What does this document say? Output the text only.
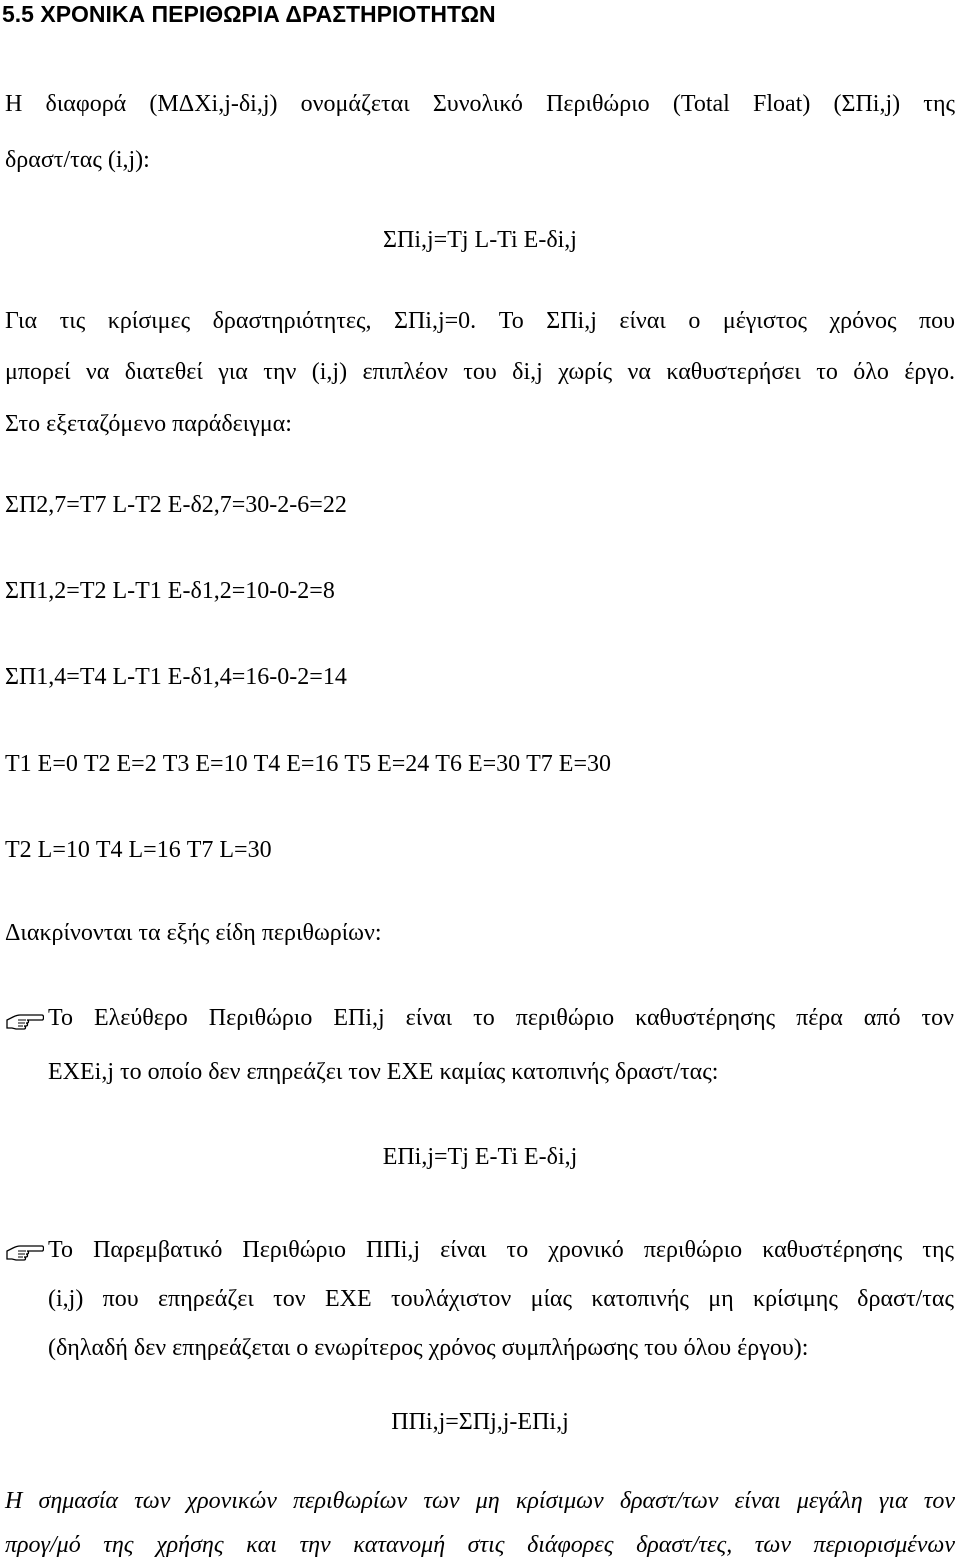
5.5 ΧΡΟΝΙΚΑ ΠΕΡΙΘΩΡΙΑ ΔΡΑΣΤΗΡΙΟΤΗΤΩΝ
Η διαφορά (ΜΔΧi,j-δi,j) ονομάζεται Συνολικό Περιθώριο (Total Float) (ΣΠi,j) της
δραστ/τας (i,j):
ΣΠi,j=Tj L-Ti E-δi,j
Για τις κρίσιμες δραστηριότητες, ΣΠi,j=0. Το ΣΠi,j είναι ο μέγιστος χρόνος που
μπορεί να διατεθεί για την (i,j) επιπλέον του δi,j χωρίς να καθυστερήσει το όλο έργο.
Στο εξεταζόμενο παράδειγμα:
ΣΠ2,7=Τ7 L-Τ2 E-δ2,7=30-2-6=22
ΣΠ1,2=Τ2 L-Τ1 E-δ1,2=10-0-2=8
ΣΠ1,4=Τ4 L-Τ1 E-δ1,4=16-0-2=14
Τ1 E=0 Τ2 E=2 Τ3 E=10 Τ4 E=16 Τ5 E=24 Τ6 E=30 Τ7 E=30
Τ2 L=10 Τ4 L=16 Τ7 L=30
Διακρίνονται τα εξής είδη περιθωρίων:
Το Ελεύθερο Περιθώριο ΕΠi,j είναι το περιθώριο καθυστέρησης πέρα από τον
ΕΧΕi,j το οποίο δεν επηρεάζει τον ΕΧΕ καμίας κατοπινής δραστ/τας:
ΕΠi,j=Tj E-Ti E-δi,j
Το Παρεμβατικό Περιθώριο ΠΠi,j είναι το χρονικό περιθώριο καθυστέρησης της
(i,j) που επηρεάζει τον ΕΧΕ τουλάχιστον μίας κατοπινής μη κρίσιμης δραστ/τας
(δηλαδή δεν επηρεάζεται ο ενωρίτερος χρόνος συμπλήρωσης του όλου έργου):
ΠΠi,j=ΣΠj,j-ΕΠi,j
Η σημασία των χρονικών περιθωρίων των μη κρίσιμων δραστ/των είναι μεγάλη για τον
προγ/μό της χρήσης και την κατανομή στις διάφορες δραστ/τες, των περιορισμένων
